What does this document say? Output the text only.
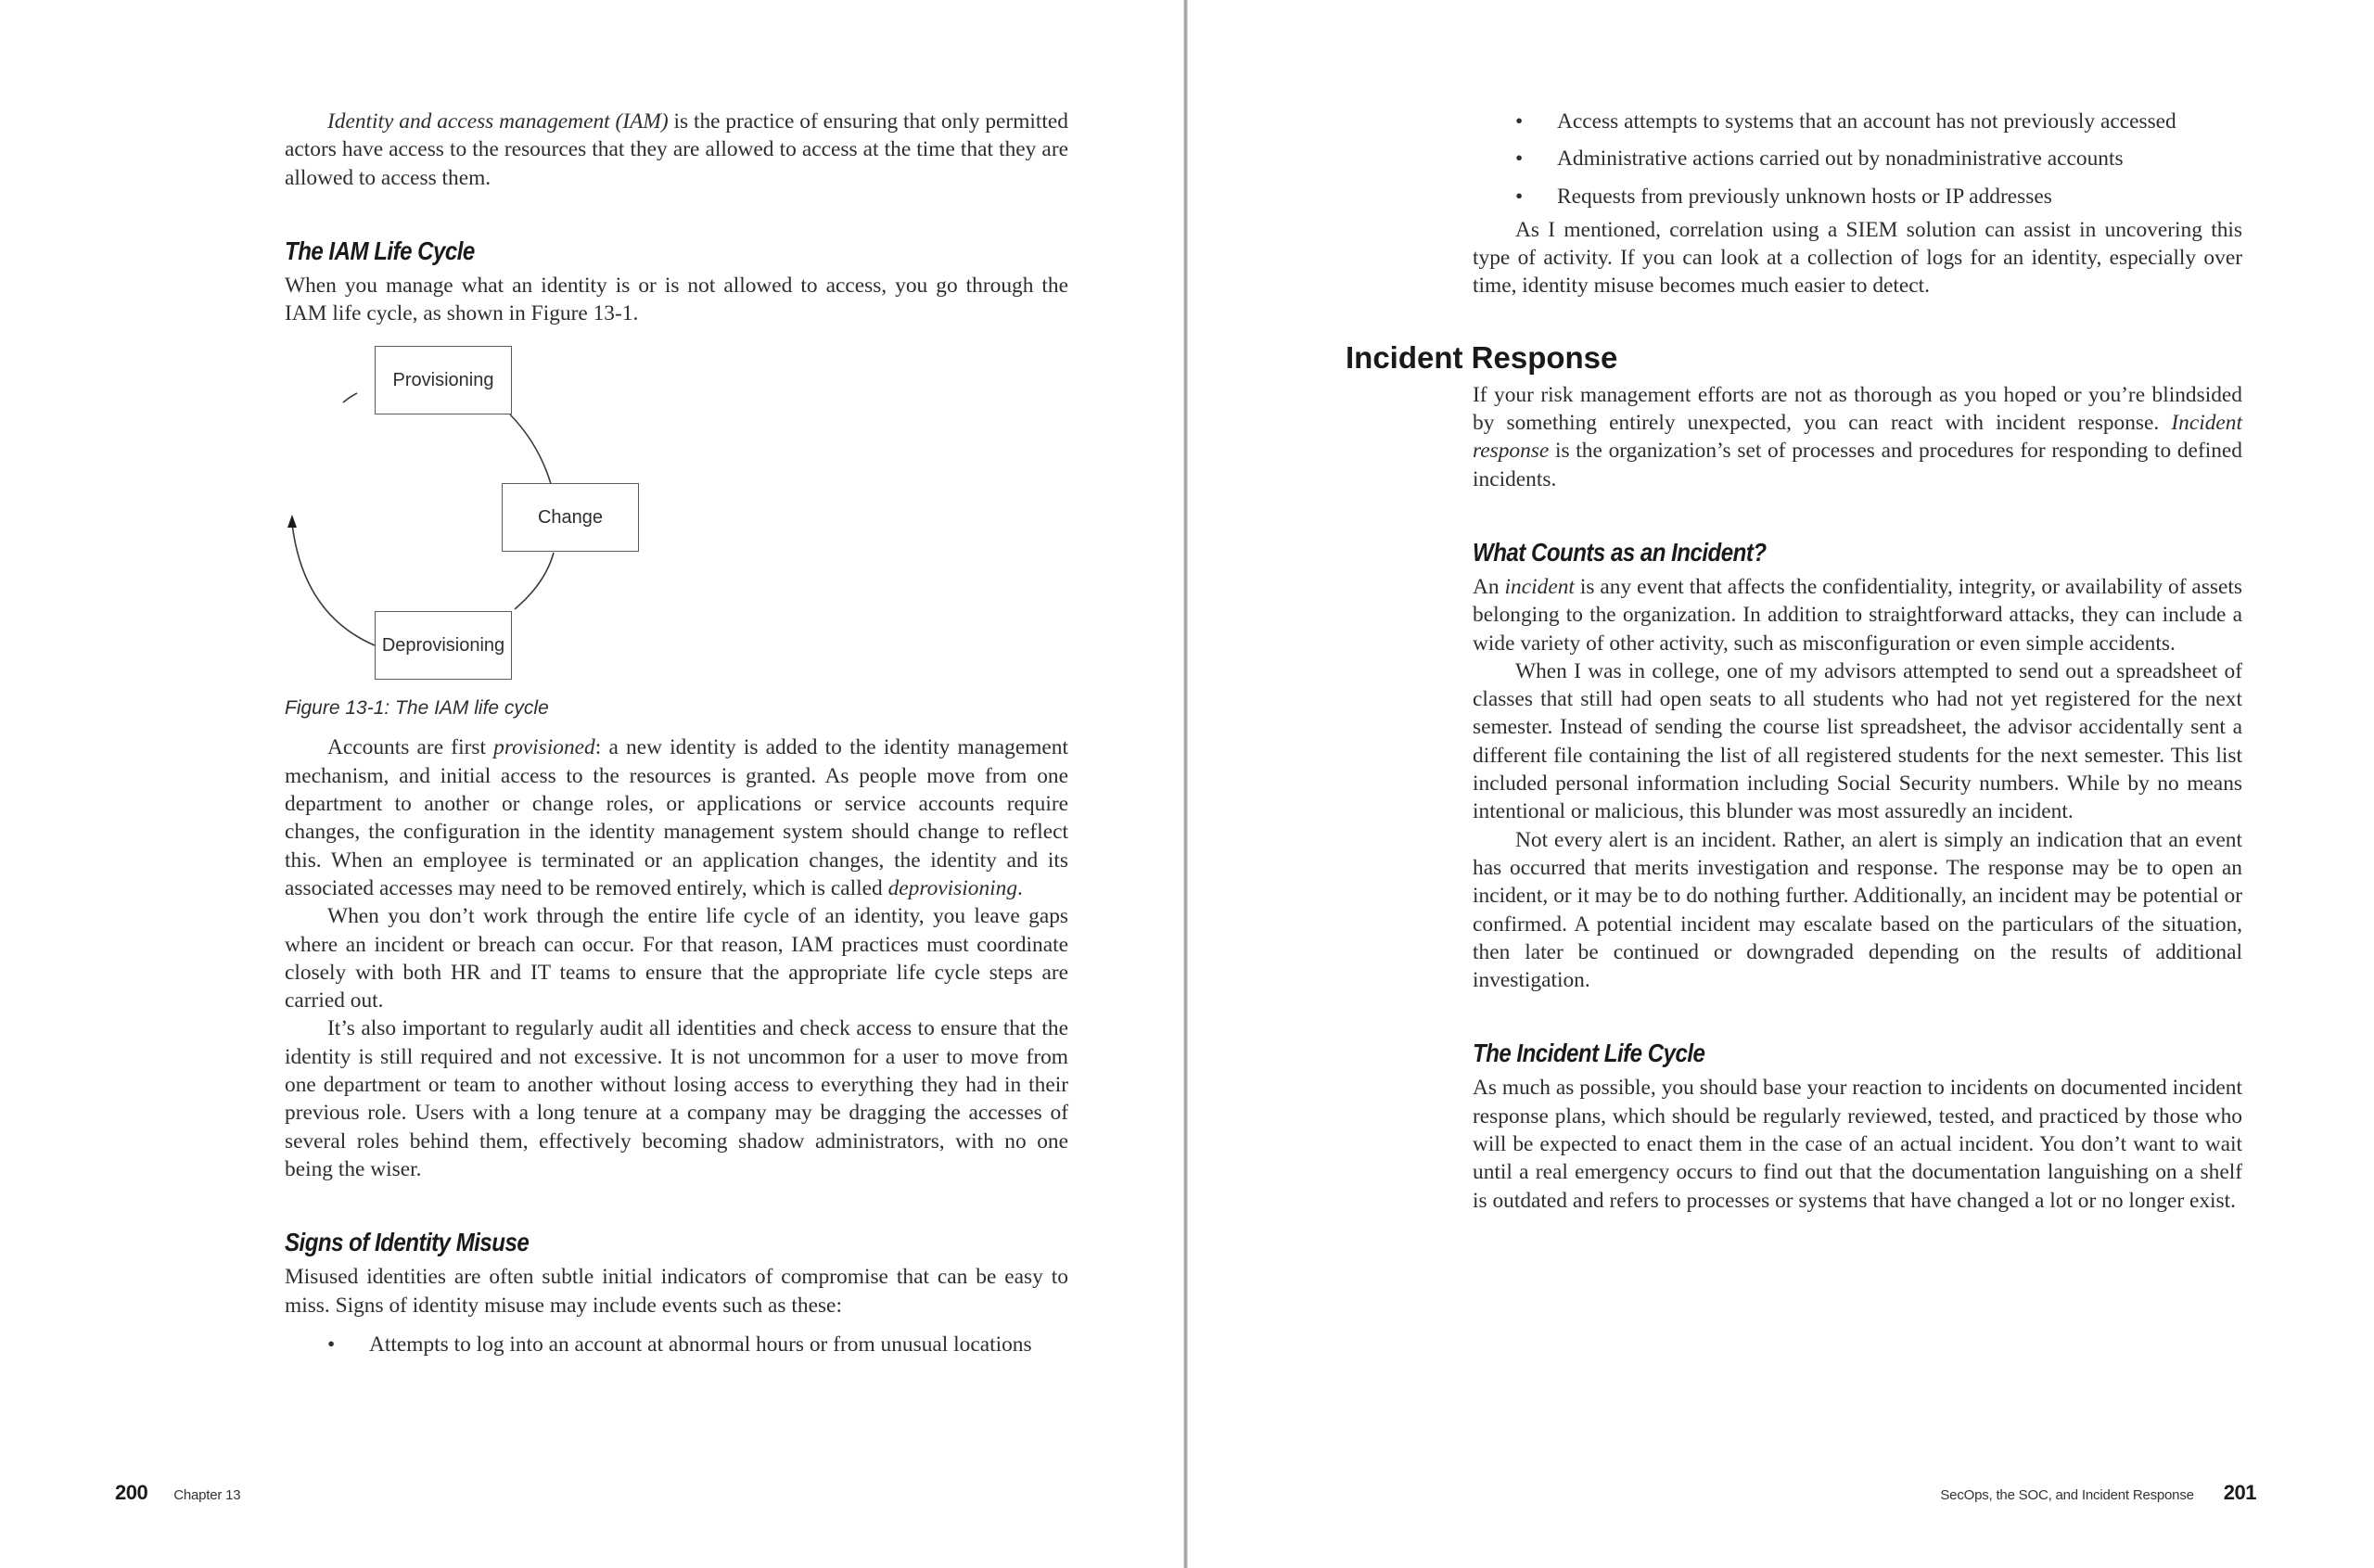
Identity and access management (IAM) is the practice of ensuring that only permitted actors have access to the resources that they are allowed to access at the time that they are allowed to access them.

The IAM Life Cycle

When you manage what an identity is or is not allowed to access, you go through the IAM life cycle, as shown in Figure 13-1.

Provisioning
Change
Deprovisioning

Figure 13-1: The IAM life cycle

Accounts are first provisioned: a new identity is added to the identity management mechanism, and initial access to the resources is granted. As people move from one department to another or change roles, or applications or service accounts require changes, the configuration in the identity management system should change to reflect this. When an employee is terminated or an application changes, the identity and its associated accesses may need to be removed entirely, which is called deprovisioning.

When you don’t work through the entire life cycle of an identity, you leave gaps where an incident or breach can occur. For that reason, IAM practices must coordinate closely with both HR and IT teams to ensure that the appropriate life cycle steps are carried out.

It’s also important to regularly audit all identities and check access to ensure that the identity is still required and not excessive. It is not uncommon for a user to move from one department or team to another without losing access to everything they had in their previous role. Users with a long tenure at a company may be dragging the accesses of several roles behind them, effectively becoming shadow administrators, with no one being the wiser.

Signs of Identity Misuse

Misused identities are often subtle initial indicators of compromise that can be easy to miss. Signs of identity misuse may include events such as these:

• Attempts to log into an account at abnormal hours or from unusual locations
200 Chapter 13
• Access attempts to systems that an account has not previously accessed
• Administrative actions carried out by nonadministrative accounts
• Requests from previously unknown hosts or IP addresses

As I mentioned, correlation using a SIEM solution can assist in uncovering this type of activity. If you can look at a collection of logs for an identity, especially over time, identity misuse becomes much easier to detect.

Incident Response

If your risk management efforts are not as thorough as you hoped or you’re blindsided by something entirely unexpected, you can react with incident response. Incident response is the organization’s set of processes and procedures for responding to defined incidents.

What Counts as an Incident?

An incident is any event that affects the confidentiality, integrity, or availability of assets belonging to the organization. In addition to straightforward attacks, they can include a wide variety of other activity, such as misconfiguration or even simple accidents.

When I was in college, one of my advisors attempted to send out a spreadsheet of classes that still had open seats to all students who had not yet registered for the next semester. Instead of sending the course list spreadsheet, the advisor accidentally sent a different file containing the list of all registered students for the next semester. This list included personal information including Social Security numbers. While by no means intentional or malicious, this blunder was most assuredly an incident.

Not every alert is an incident. Rather, an alert is simply an indication that an event has occurred that merits investigation and response. The response may be to open an incident, or it may be to do nothing further. Additionally, an incident may be potential or confirmed. A potential incident may escalate based on the particulars of the situation, then later be continued or downgraded depending on the results of additional investigation.

The Incident Life Cycle

As much as possible, you should base your reaction to incidents on documented incident response plans, which should be regularly reviewed, tested, and practiced by those who will be expected to enact them in the case of an actual incident. You don’t want to wait until a real emergency occurs to find out that the documentation languishing on a shelf is outdated and refers to processes or systems that have changed a lot or no longer exist.

SecOps, the SOC, and Incident Response 201
